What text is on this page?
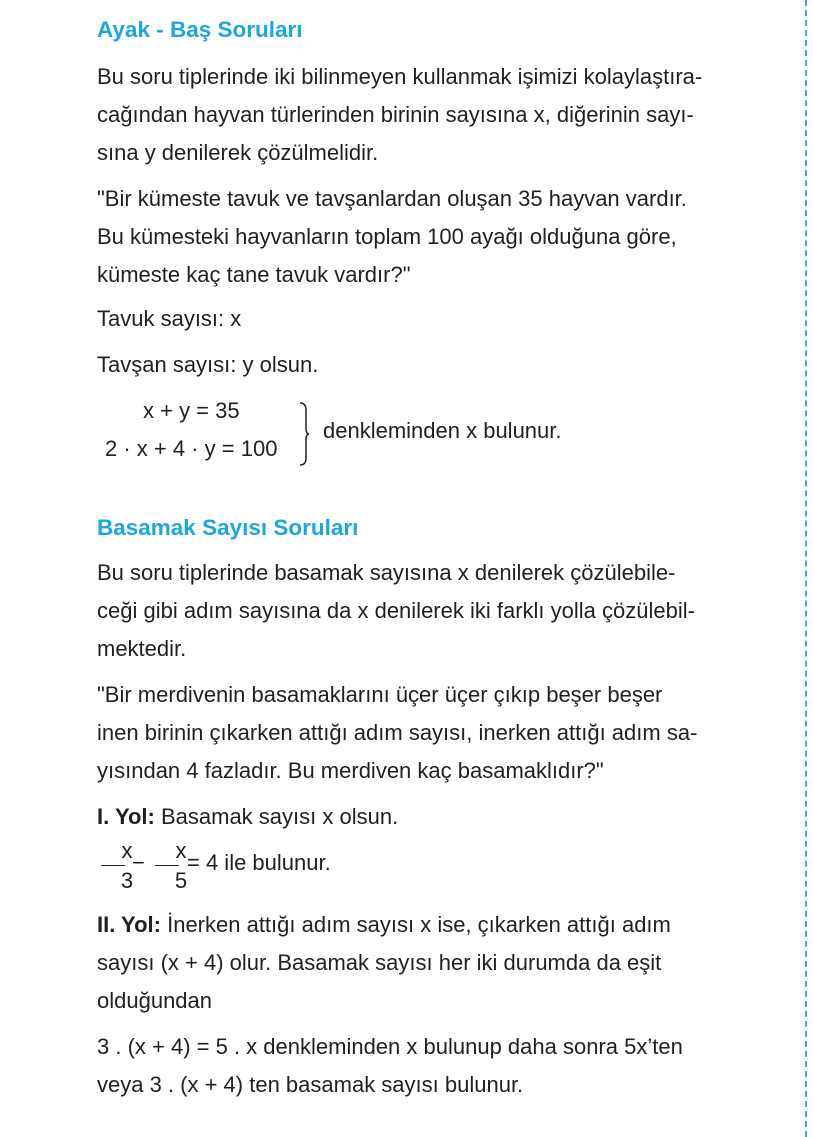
Ayak - Baş Soruları

Bu soru tiplerinde iki bilinmeyen kullanmak işimizi kolaylaştıra-

cağından hayvan türlerinden birinin sayısına x, diğerinin sayı-

sına y denilerek çözülmelidir.

"Bir kümeste tavuk ve tavşanlardan oluşan 35 hayvan vardır.

Bu kümesteki hayvanların toplam 100 ayağı olduğuna göre,

kümeste kaç tane tavuk vardır?"

Tavuk sayısı: x

Tavşan sayısı: y olsun.

x + y = 35
2 · x + 4 · y = 100
denkleminden x bulunur.
Basamak Sayısı Soruları

Bu soru tiplerinde basamak sayısına x denilerek çözülebile-

ceği gibi adım sayısına da x denilerek iki farklı yolla çözülebil-

mektedir.

"Bir merdivenin basamaklarını üçer üçer çıkıp beşer beşer

inen birinin çıkarken attığı adım sayısı, inerken attığı adım sa-

yısından 4 fazladır. Bu merdiven kaç basamaklıdır?"

I. Yol: Basamak sayısı x olsun.

x
3
−	x
5
= 4 ile bulunur.

II. Yol: İnerken attığı adım sayısı x ise, çıkarken attığı adım

sayısı (x + 4) olur. Basamak sayısı her iki durumda da eşit

olduğundan

3 . (x + 4) = 5 . x denkleminden x bulunup daha sonra 5x’ten

veya 3 . (x + 4) ten basamak sayısı bulunur.
